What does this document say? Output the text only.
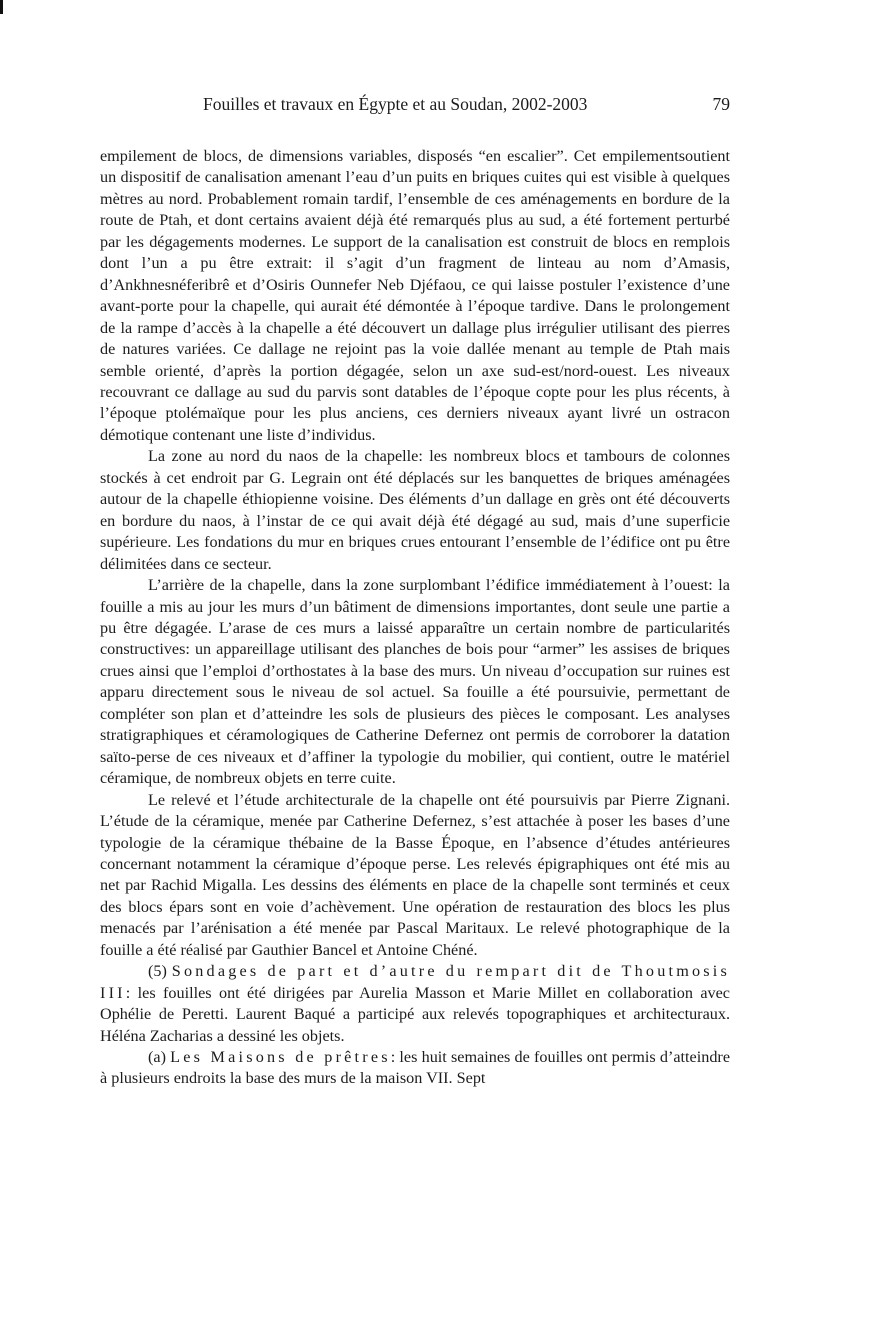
Fouilles et travaux en Égypte et au Soudan, 2002-2003	79

empilement de blocs, de dimensions variables, disposés “en escalier”. Cet empilementsoutient un dispositif de canalisation amenant l’eau d’un puits en briques cuites qui est visible à quelques mètres au nord. Probablement romain tardif, l’ensemble de ces aménagements en bordure de la route de Ptah, et dont certains avaient déjà été remarqués plus au sud, a été fortement perturbé par les dégagements modernes. Le support de la canalisation est construit de blocs en remplois dont l’un a pu être extrait: il s’agit d’un fragment de linteau au nom d’Amasis, d’Ankhnesnéferibrê et d’Osiris Ounnefer Neb Djéfaou, ce qui laisse postuler l’existence d’une avant-porte pour la chapelle, qui aurait été démontée à l’époque tardive. Dans le prolongement de la rampe d’accès à la chapelle a été découvert un dallage plus irrégulier utilisant des pierres de natures variées. Ce dallage ne rejoint pas la voie dallée menant au temple de Ptah mais semble orienté, d’après la portion dégagée, selon un axe sud-est/nord-ouest. Les niveaux recouvrant ce dallage au sud du parvis sont datables de l’époque copte pour les plus récents, à l’époque ptolémaïque pour les plus anciens, ces derniers niveaux ayant livré un ostracon démotique contenant une liste d’individus.

La zone au nord du naos de la chapelle: les nombreux blocs et tambours de colonnes stockés à cet endroit par G. Legrain ont été déplacés sur les banquettes de briques aménagées autour de la chapelle éthiopienne voisine. Des éléments d’un dallage en grès ont été découverts en bordure du naos, à l’instar de ce qui avait déjà été dégagé au sud, mais d’une superficie supérieure. Les fondations du mur en briques crues entourant l’ensemble de l’édifice ont pu être délimitées dans ce secteur.

L’arrière de la chapelle, dans la zone surplombant l’édifice immédiatement à l’ouest: la fouille a mis au jour les murs d’un bâtiment de dimensions importantes, dont seule une partie a pu être dégagée. L’arase de ces murs a laissé apparaître un certain nombre de particularités constructives: un appareillage utilisant des planches de bois pour “armer” les assises de briques crues ainsi que l’emploi d’orthostates à la base des murs. Un niveau d’occupation sur ruines est apparu directement sous le niveau de sol actuel. Sa fouille a été poursuivie, permettant de compléter son plan et d’atteindre les sols de plusieurs des pièces le composant. Les analyses stratigraphiques et céramologiques de Catherine Defernez ont permis de corroborer la datation saïto-perse de ces niveaux et d’affiner la typologie du mobilier, qui contient, outre le matériel céramique, de nombreux objets en terre cuite.

Le relevé et l’étude architecturale de la chapelle ont été poursuivis par Pierre Zignani. L’étude de la céramique, menée par Catherine Defernez, s’est attachée à poser les bases d’une typologie de la céramique thébaine de la Basse Époque, en l’absence d’études antérieures concernant notamment la céramique d’époque perse. Les relevés épigraphiques ont été mis au net par Rachid Migalla. Les dessins des éléments en place de la chapelle sont terminés et ceux des blocs épars sont en voie d’achèvement. Une opération de restauration des blocs les plus menacés par l’arénisation a été menée par Pascal Maritaux. Le relevé photographique de la fouille a été réalisé par Gauthier Bancel et Antoine Chéné.

(5) Sondages de part et d’autre du rempart dit de Thoutmosis III: les fouilles ont été dirigées par Aurelia Masson et Marie Millet en collaboration avec Ophélie de Peretti. Laurent Baqué a participé aux relevés topographiques et architecturaux. Héléna Zacharias a dessiné les objets.

(a) Les Maisons de prêtres: les huit semaines de fouilles ont permis d’atteindre à plusieurs endroits la base des murs de la maison VII. Sept
